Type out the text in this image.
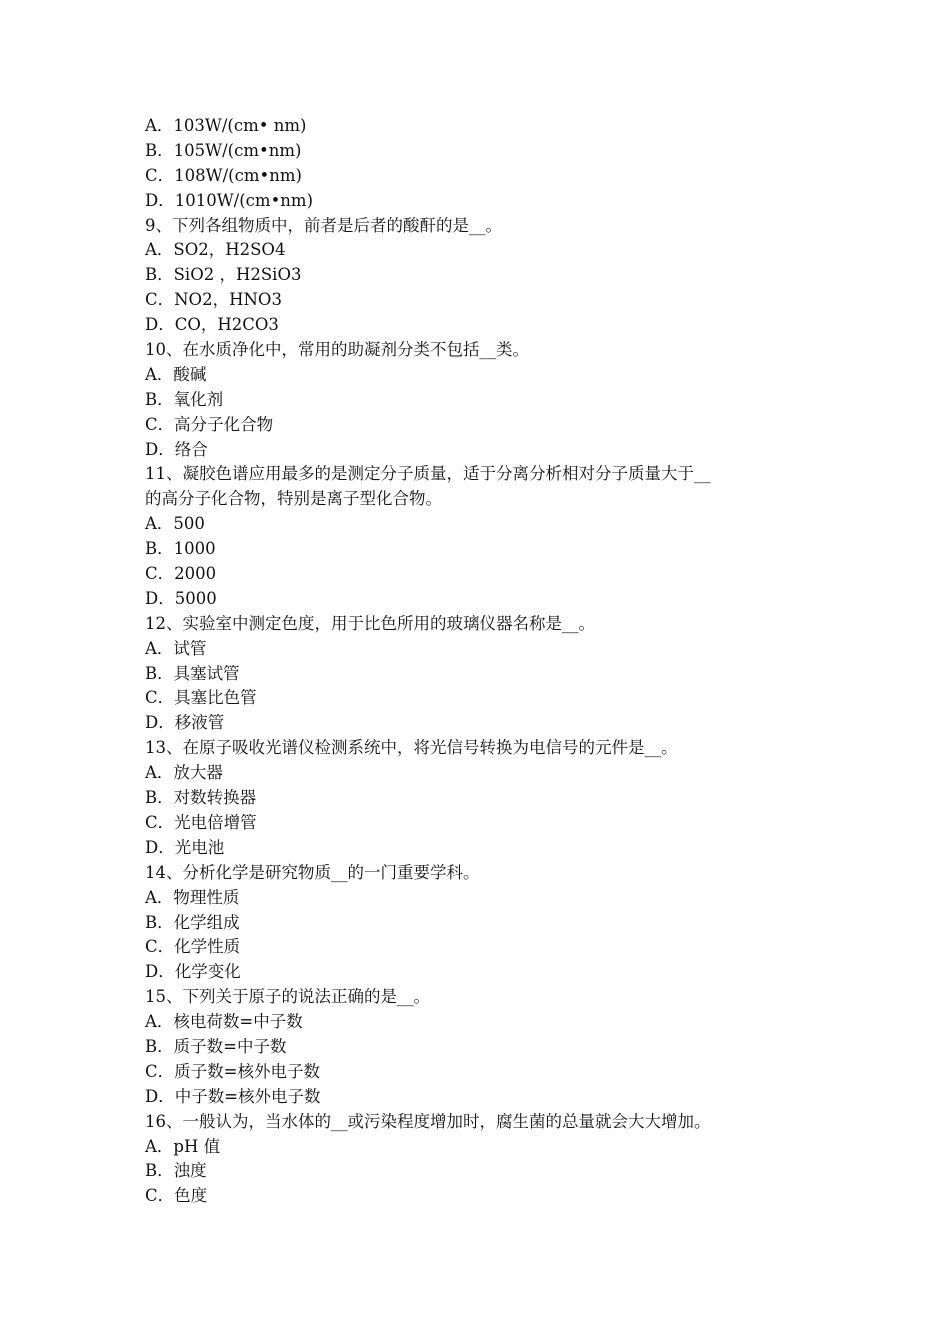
A．103W/(cm• nm)
B．105W/(cm•nm)
C．108W/(cm•nm)
D．1010W/(cm•nm)
9、下列各组物质中，前者是后者的酸酐的是__。
A．SO2，H2SO4
B．SiO2 ，H2SiO3
C．NO2，HNO3
D．CO，H2CO3
10、在水质净化中，常用的助凝剂分类不包括__类。
A．酸碱
B．氧化剂
C．高分子化合物
D．络合
11、凝胶色谱应用最多的是测定分子质量，适于分离分析相对分子质量大于__
的高分子化合物，特别是离子型化合物。
A．500
B．1000
C．2000
D．5000
12、实验室中测定色度，用于比色所用的玻璃仪器名称是__。
A．试管
B．具塞试管
C．具塞比色管
D．移液管
13、在原子吸收光谱仪检测系统中，将光信号转换为电信号的元件是__。
A．放大器
B．对数转换器
C．光电倍增管
D．光电池
14、分析化学是研究物质__的一门重要学科。
A．物理性质
B．化学组成
C．化学性质
D．化学变化
15、下列关于原子的说法正确的是__。
A．核电荷数=中子数
B．质子数=中子数
C．质子数=核外电子数
D．中子数=核外电子数
16、一般认为，当水体的__或污染程度增加时，腐生菌的总量就会大大增加。
A．pH 值
B．浊度
C．色度
